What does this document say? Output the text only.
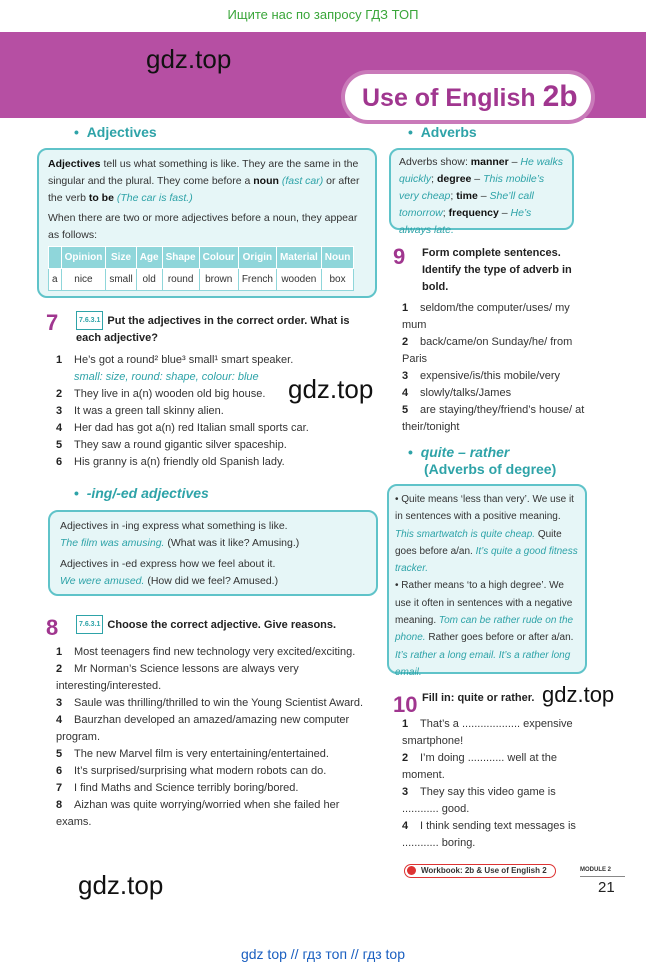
Ищите нас по запросу ГДЗ ТОП
gdz.top
Use of English 2b
•  Adjectives
Adjectives tell us what something is like. They are the same in the singular and the plural. They come before a noun (fast car) or after the verb to be (The car is fast.)
When there are two or more adjectives before a noun, they appear as follows:
	Opinion	Size	Age	Shape	Colour	Origin	Material	Noun
a	nice	small	old	round	brown	French	wooden	box
7	7.6.3.1 Put the adjectives in the correct order. What is each adjective?
1 He’s got a round² blue³ small¹ smart speaker.
small: size, round: shape, colour: blue
2 They live in a(n) wooden old big house.
3 It was a green tall skinny alien.
4 Her dad has got a(n) red Italian small sports car.
5 They saw a round gigantic silver spaceship.
6 His granny is a(n) friendly old Spanish lady.
•  -ing/-ed adjectives
Adjectives in -ing express what something is like.
The film was amusing. (What was it like? Amusing.)
Adjectives in -ed express how we feel about it.
We were amused. (How did we feel? Amused.)
8	7.6.3.1 Choose the correct adjective. Give reasons.
1 Most teenagers find new technology very excited/exciting.
2 Mr Norman’s Science lessons are always very interesting/interested.
3 Saule was thrilling/thrilled to win the Young Scientist Award.
4 Baurzhan developed an amazed/amazing new computer program.
5 The new Marvel film is very entertaining/entertained.
6 It’s surprised/surprising what modern robots can do.
7 I find Maths and Science terribly boring/bored.
8 Aizhan was quite worrying/worried when she failed her exams.
gdz.top
•  Adverbs
Adverbs show: manner – He walks quickly; degree – This mobile’s very cheap; time – She’ll call tomorrow; frequency – He’s always late.
9 Form complete sentences. Identify the type of adverb in bold.
1 seldom/the computer/uses/ my mum
2 back/came/on Sunday/he/ from Paris
3 expensive/is/this mobile/very
4 slowly/talks/James
5 are staying/they/friend’s house/ at their/tonight
gdz.top
•  quite – rather
(Adverbs of degree)
• Quite means ‘less than very’. We use it in sentences with a positive meaning. This smartwatch is quite cheap. Quite goes before a/an. It’s quite a good fitness tracker.
• Rather means ‘to a high degree’. We use it often in sentences with a negative meaning. Tom can be rather rude on the phone. Rather goes before or after a/an. It’s rather a long email. It’s a rather long email.
10 Fill in: quite or rather. gdz.top
1 That’s a ................... expensive smartphone!
2 I’m doing ............ well at the moment.
3 They say this video game is ............ good.
4 I think sending text messages is ............ boring.
Workbook: 2b & Use of English 2	MODULE 2
21
gdz top // гдз топ // гдз top
